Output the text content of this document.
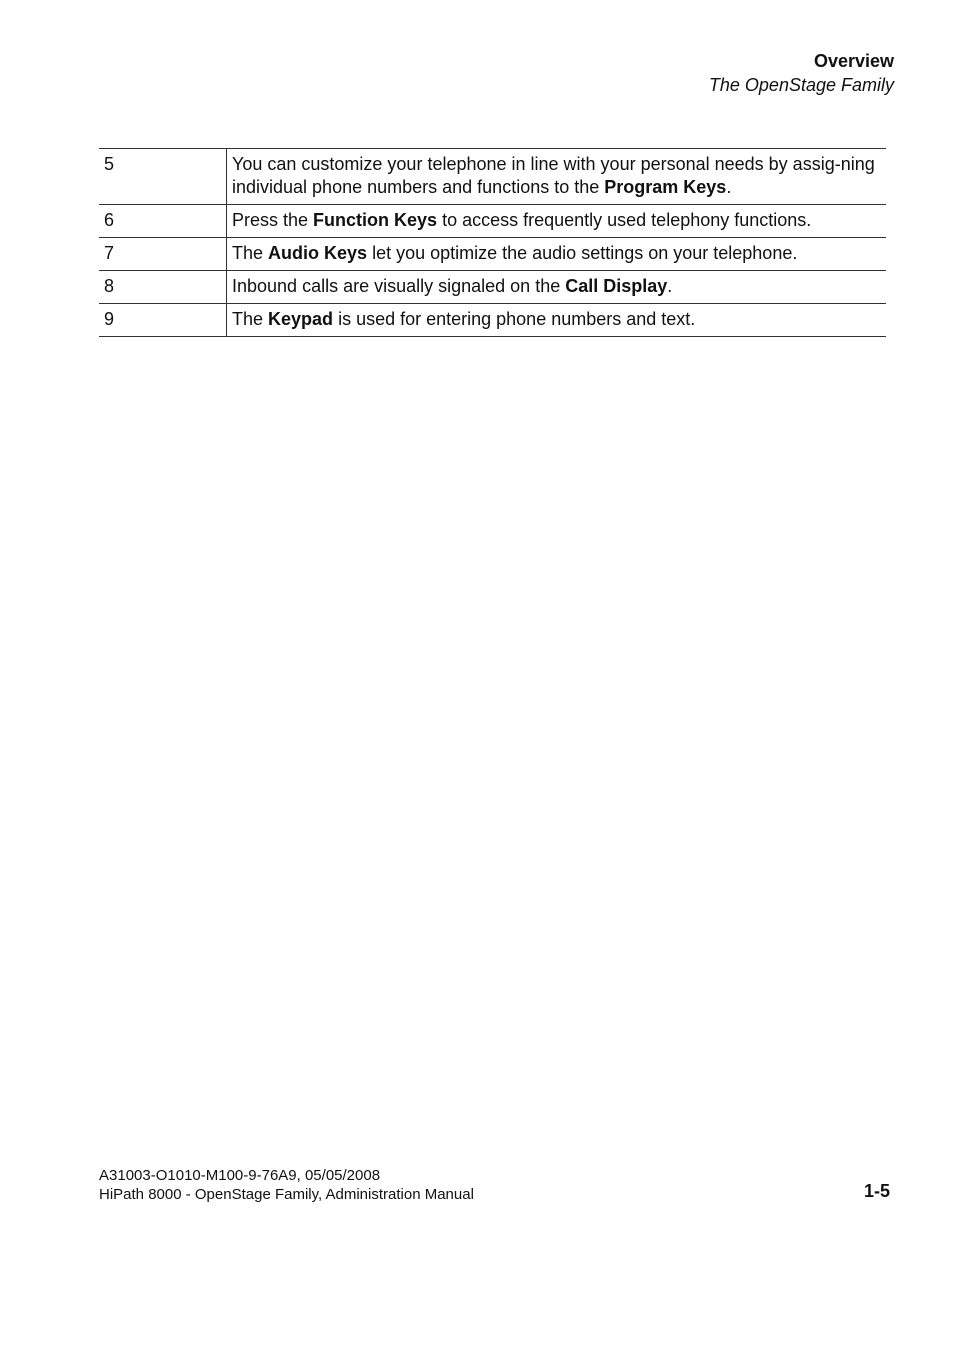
Overview
The OpenStage Family
5	You can customize your telephone in line with your personal needs by assig-ning individual phone numbers and functions to the Program Keys.
6	Press the Function Keys to access frequently used telephony functions.
7	The Audio Keys let you optimize the audio settings on your telephone.
8	Inbound calls are visually signaled on the Call Display.
9	The Keypad is used for entering phone numbers and text.
A31003-O1010-M100-9-76A9, 05/05/2008
HiPath 8000 - OpenStage Family, Administration Manual	1-5
